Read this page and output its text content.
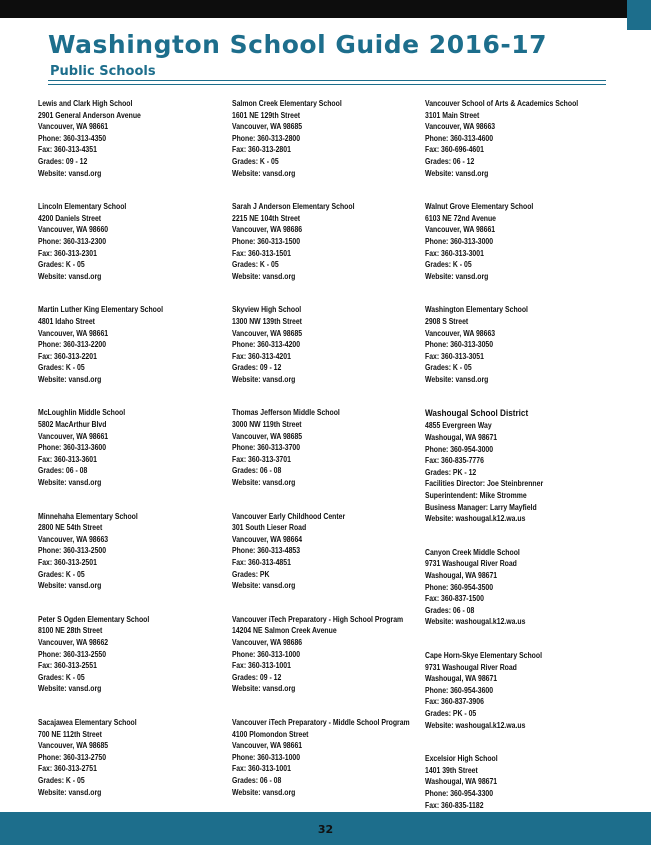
Washington School Guide 2016-17
Public Schools
Lewis and Clark High School
2901 General Anderson Avenue
Vancouver, WA 98661
Phone: 360-313-4350
Fax: 360-313-4351
Grades: 09 - 12
Website: vansd.org
Lincoln Elementary School
4200 Daniels Street
Vancouver, WA 98660
Phone: 360-313-2300
Fax: 360-313-2301
Grades: K - 05
Website: vansd.org
Martin Luther King Elementary School
4801 Idaho Street
Vancouver, WA 98661
Phone: 360-313-2200
Fax: 360-313-2201
Grades: K - 05
Website: vansd.org
McLoughlin Middle School
5802 MacArthur Blvd
Vancouver, WA 98661
Phone: 360-313-3600
Fax: 360-313-3601
Grades: 06 - 08
Website: vansd.org
Minnehaha Elementary School
2800 NE 54th Street
Vancouver, WA 98663
Phone: 360-313-2500
Fax: 360-313-2501
Grades: K - 05
Website: vansd.org
Peter S Ogden Elementary School
8100 NE 28th Street
Vancouver, WA 98662
Phone: 360-313-2550
Fax: 360-313-2551
Grades: K - 05
Website: vansd.org
Sacajawea Elementary School
700 NE 112th Street
Vancouver, WA 98685
Phone: 360-313-2750
Fax: 360-313-2751
Grades: K - 05
Website: vansd.org
Salmon Creek Elementary School
1601 NE 129th Street
Vancouver, WA 98685
Phone: 360-313-2800
Fax: 360-313-2801
Grades: K - 05
Website: vansd.org
Sarah J Anderson Elementary School
2215 NE 104th Street
Vancouver, WA 98686
Phone: 360-313-1500
Fax: 360-313-1501
Grades: K - 05
Website: vansd.org
Skyview High School
1300 NW 139th Street
Vancouver, WA 98685
Phone: 360-313-4200
Fax: 360-313-4201
Grades: 09 - 12
Website: vansd.org
Thomas Jefferson Middle School
3000 NW 119th Street
Vancouver, WA 98685
Phone: 360-313-3700
Fax: 360-313-3701
Grades: 06 - 08
Website: vansd.org
Vancouver Early Childhood Center
301 South Lieser Road
Vancouver, WA 98664
Phone: 360-313-4853
Fax: 360-313-4851
Grades: PK
Website: vansd.org
Vancouver iTech Preparatory - High School Program
14204 NE Salmon Creek Avenue
Vancouver, WA 98686
Phone: 360-313-1000
Fax: 360-313-1001
Grades: 09 - 12
Website: vansd.org
Vancouver iTech Preparatory - Middle School Program
4100 Plomondon Street
Vancouver, WA 98661
Phone: 360-313-1000
Fax: 360-313-1001
Grades: 06 - 08
Website: vansd.org
Vancouver School of Arts & Academics School
3101 Main Street
Vancouver, WA 98663
Phone: 360-313-4600
Fax: 360-696-4601
Grades: 06 - 12
Website: vansd.org
Walnut Grove Elementary School
6103 NE 72nd Avenue
Vancouver, WA 98661
Phone: 360-313-3000
Fax: 360-313-3001
Grades: K - 05
Website: vansd.org
Washington Elementary School
2908 S Street
Vancouver, WA 98663
Phone: 360-313-3050
Fax: 360-313-3051
Grades: K - 05
Website: vansd.org
Washougal School District
4855 Evergreen Way
Washougal, WA 98671
Phone: 360-954-3000
Fax: 360-835-7776
Grades: PK - 12
Facilities Director: Joe Steinbrenner
Superintendent: Mike Stromme
Business Manager: Larry Mayfield
Website: washougal.k12.wa.us
Canyon Creek Middle School
9731 Washougal River Road
Washougal, WA 98671
Phone: 360-954-3500
Fax: 360-837-1500
Grades: 06 - 08
Website: washougal.k12.wa.us
Cape Horn-Skye Elementary School
9731 Washougal River Road
Washougal, WA 98671
Phone: 360-954-3600
Fax: 360-837-3906
Grades: PK - 05
Website: washougal.k12.wa.us
Excelsior High School
1401 39th Street
Washougal, WA 98671
Phone: 360-954-3300
Fax: 360-835-1182
32
